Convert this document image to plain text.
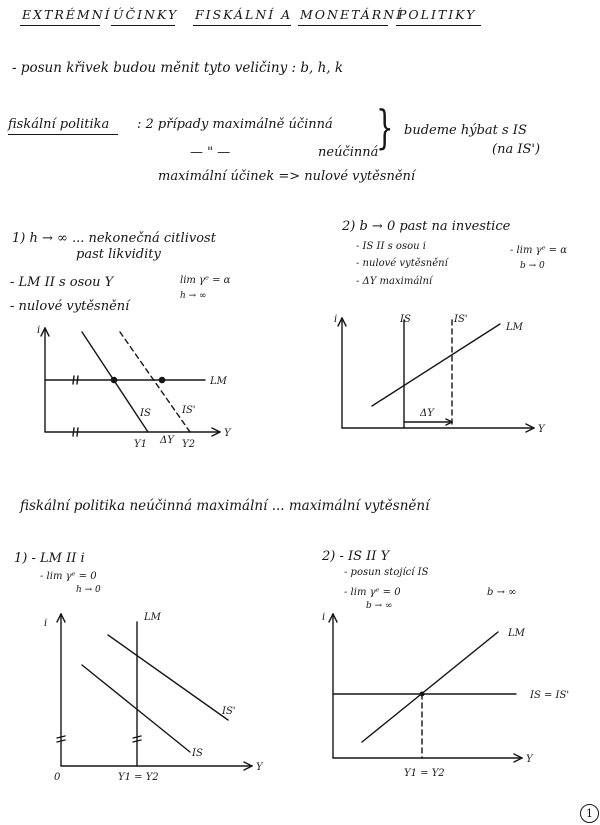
EXTRÉMNÍ ÚČINKY FISKÁLNÍ A MONETÁRNÍ
POLITIKY
- posun křivek budou měnit tyto veličiny : b, h, k
fiskální politika : 2 případy maximálně účinná
— " —	neúčinná
} budeme hýbat s IS
(na IS')
maximální účinek => nulové vytěsnění
1) h → ∞ ... nekonečná citlivost
past likvidity
- LM II s osou Y
- nulové vytěsnění
lim γᵉ = α
h → ∞
2) b → 0 past na investice
- IS II s osou i
- nulové vytěsnění
- ΔY maximální
- lim γᵉ = α
b → 0
i
Y
LM
IS	IS'
Y1 ΔY Y2
i
Y
LM
IS	IS'
ΔY
fiskální politika neúčinná maximální ... maximální vytěsnění
1) - LM II i
- lim γᵉ = 0
h → 0
2) - IS II Y
- posun stojící IS
- lim γᵉ = 0
b → ∞
b → ∞
i
Y
0
LM
IS
IS'
Y1 = Y2
i
Y
LM
IS = IS'
Y1 = Y2
1
